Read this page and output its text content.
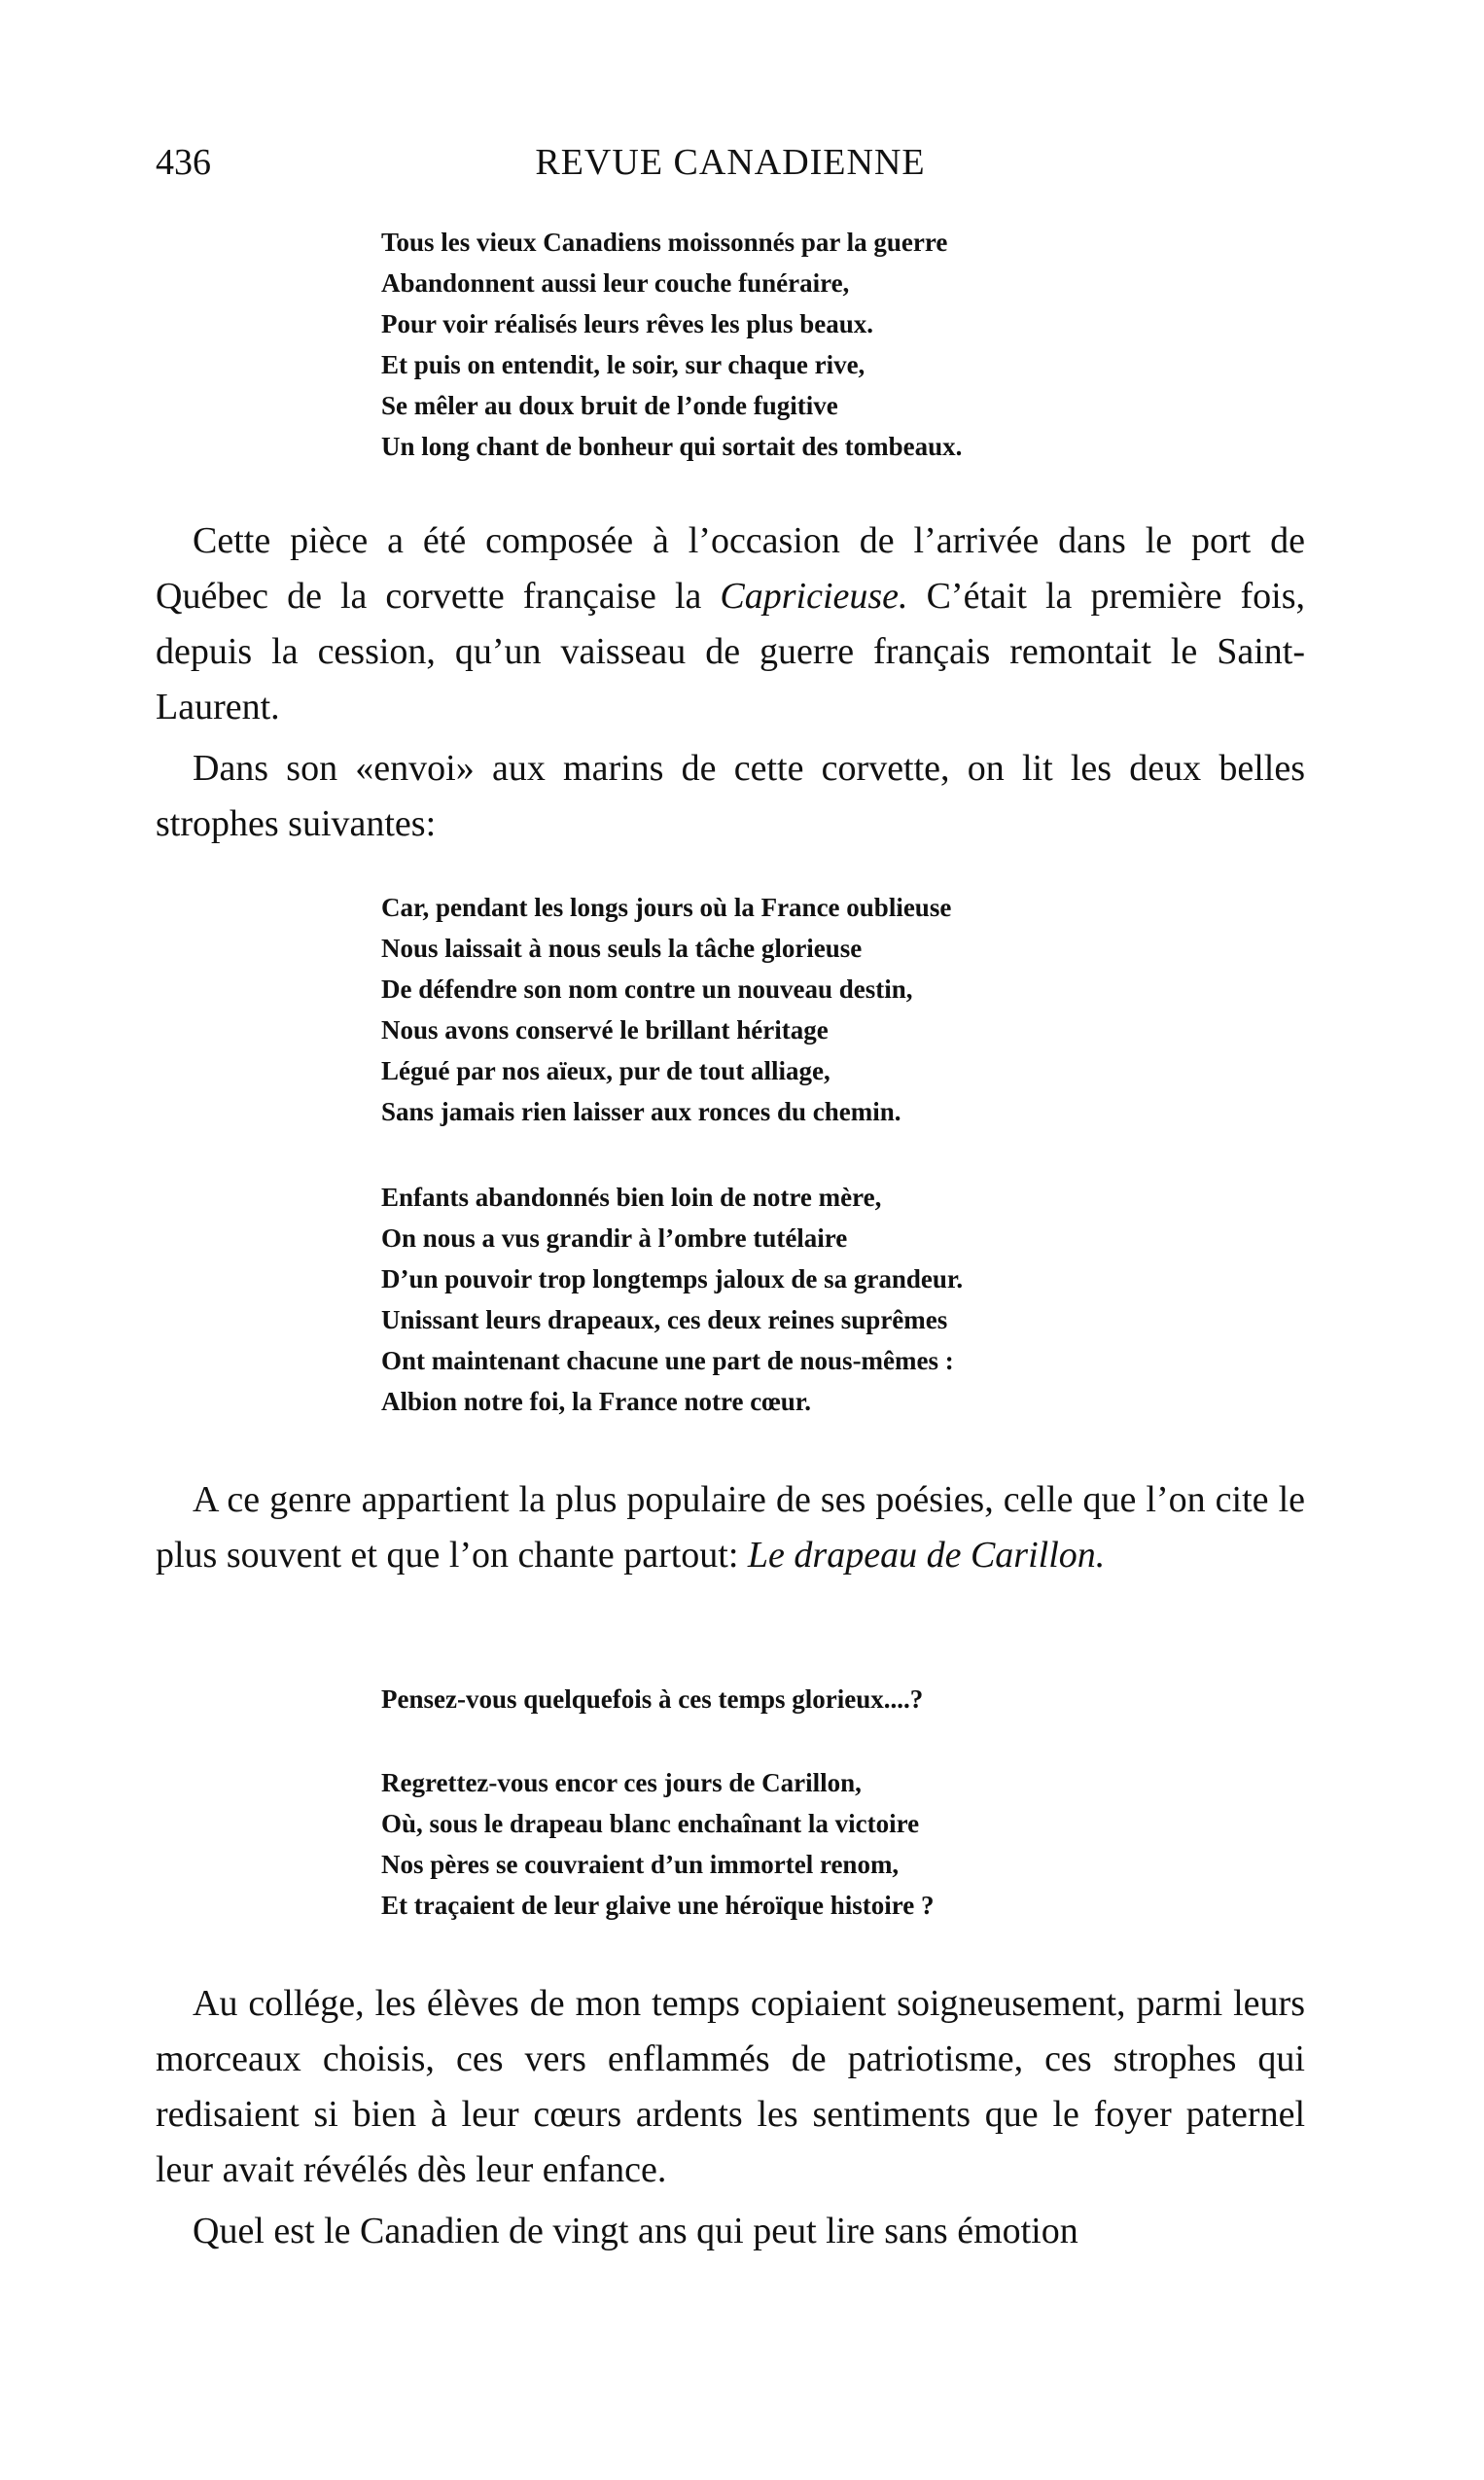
436	REVUE CANADIENNE
Tous les vieux Canadiens moissonnés par la guerre
Abandonnent aussi leur couche funéraire,
Pour voir réalisés leurs rêves les plus beaux.
Et puis on entendit, le soir, sur chaque rive,
Se mêler au doux bruit de l’onde fugitive
Un long chant de bonheur qui sortait des tombeaux.

Cette pièce a été composée à l’occasion de l’arrivée dans le port de Québec de la corvette française la Capricieuse. C’était la première fois, depuis la cession, qu’un vaisseau de guerre français remontait le Saint-Laurent.

Dans son «envoi» aux marins de cette corvette, on lit les deux belles strophes suivantes:

Car, pendant les longs jours où la France oublieuse
Nous laissait à nous seuls la tâche glorieuse
De défendre son nom contre un nouveau destin,
Nous avons conservé le brillant héritage
Légué par nos aïeux, pur de tout alliage,
Sans jamais rien laisser aux ronces du chemin.
Enfants abandonnés bien loin de notre mère,
On nous a vus grandir à l’ombre tutélaire
D’un pouvoir trop longtemps jaloux de sa grandeur.
Unissant leurs drapeaux, ces deux reines suprêmes
Ont maintenant chacune une part de nous-mêmes :
Albion notre foi, la France notre cœur.

A ce genre appartient la plus populaire de ses poésies, celle que l’on cite le plus souvent et que l’on chante partout: Le drapeau de Carillon.

Pensez-vous quelquefois à ces temps glorieux....?
Regrettez-vous encor ces jours de Carillon,
Où, sous le drapeau blanc enchaînant la victoire
Nos pères se couvraient d’un immortel renom,
Et traçaient de leur glaive une héroïque histoire ?

Au collége, les élèves de mon temps copiaient soigneusement, parmi leurs morceaux choisis, ces vers enflammés de patriotisme, ces strophes qui redisaient si bien à leur cœurs ardents les sentiments que le foyer paternel leur avait révélés dès leur enfance.

Quel est le Canadien de vingt ans qui peut lire sans émotion
